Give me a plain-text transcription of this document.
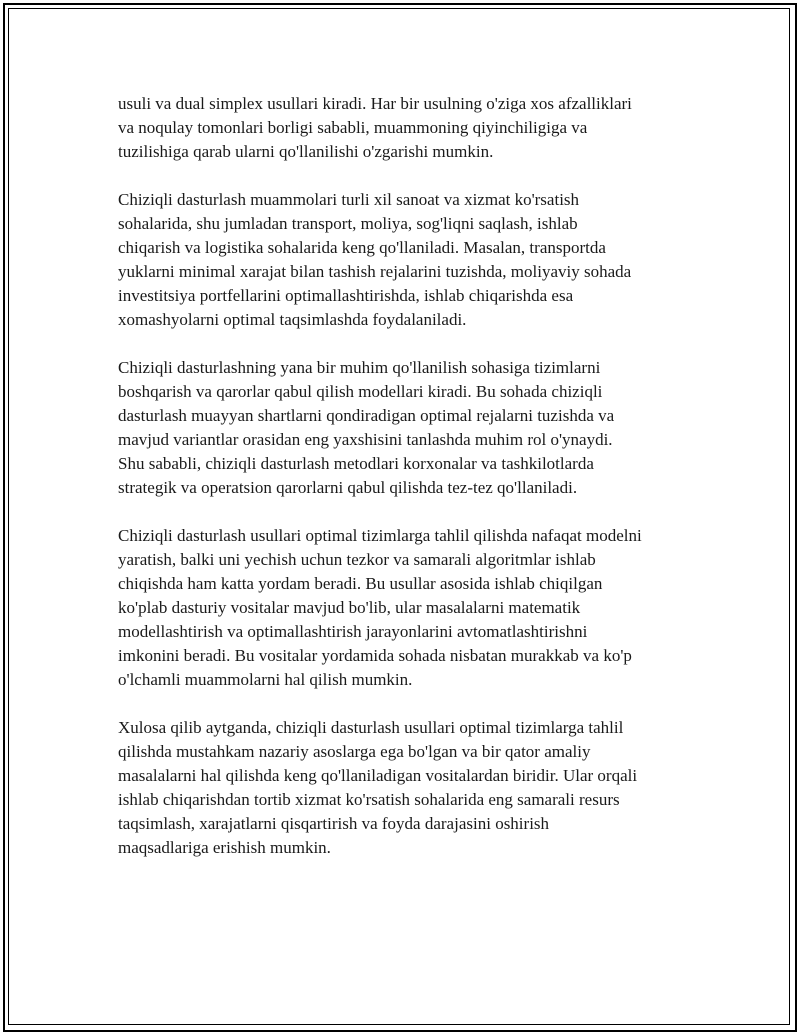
usuli va dual simplex usullari kiradi. Har bir usulning o'ziga xos afzalliklari
va noqulay tomonlari borligi sababli, muammoning qiyinchiligiga va
tuzilishiga qarab ularni qo'llanilishi o'zgarishi mumkin.

Chiziqli dasturlash muammolari turli xil sanoat va xizmat ko'rsatish
sohalarida, shu jumladan transport, moliya, sog'liqni saqlash, ishlab
chiqarish va logistika sohalarida keng qo'llaniladi. Masalan, transportda
yuklarni minimal xarajat bilan tashish rejalarini tuzishda, moliyaviy sohada
investitsiya portfellarini optimallashtirishda, ishlab chiqarishda esa
xomashyolarni optimal taqsimlashda foydalaniladi.

Chiziqli dasturlashning yana bir muhim qo'llanilish sohasiga tizimlarni
boshqarish va qarorlar qabul qilish modellari kiradi. Bu sohada chiziqli
dasturlash muayyan shartlarni qondiradigan optimal rejalarni tuzishda va
mavjud variantlar orasidan eng yaxshisini tanlashda muhim rol o'ynaydi.
Shu sababli, chiziqli dasturlash metodlari korxonalar va tashkilotlarda
strategik va operatsion qarorlarni qabul qilishda tez-tez qo'llaniladi.

Chiziqli dasturlash usullari optimal tizimlarga tahlil qilishda nafaqat modelni
yaratish, balki uni yechish uchun tezkor va samarali algoritmlar ishlab
chiqishda ham katta yordam beradi. Bu usullar asosida ishlab chiqilgan
ko'plab dasturiy vositalar mavjud bo'lib, ular masalalarni matematik
modellashtirish va optimallashtirish jarayonlarini avtomatlashtirishni
imkonini beradi. Bu vositalar yordamida sohada nisbatan murakkab va ko'p
o'lchamli muammolarni hal qilish mumkin.

Xulosa qilib aytganda, chiziqli dasturlash usullari optimal tizimlarga tahlil
qilishda mustahkam nazariy asoslarga ega bo'lgan va bir qator amaliy
masalalarni hal qilishda keng qo'llaniladigan vositalardan biridir. Ular orqali
ishlab chiqarishdan tortib xizmat ko'rsatish sohalarida eng samarali resurs
taqsimlash, xarajatlarni qisqartirish va foyda darajasini oshirish
maqsadlariga erishish mumkin.
